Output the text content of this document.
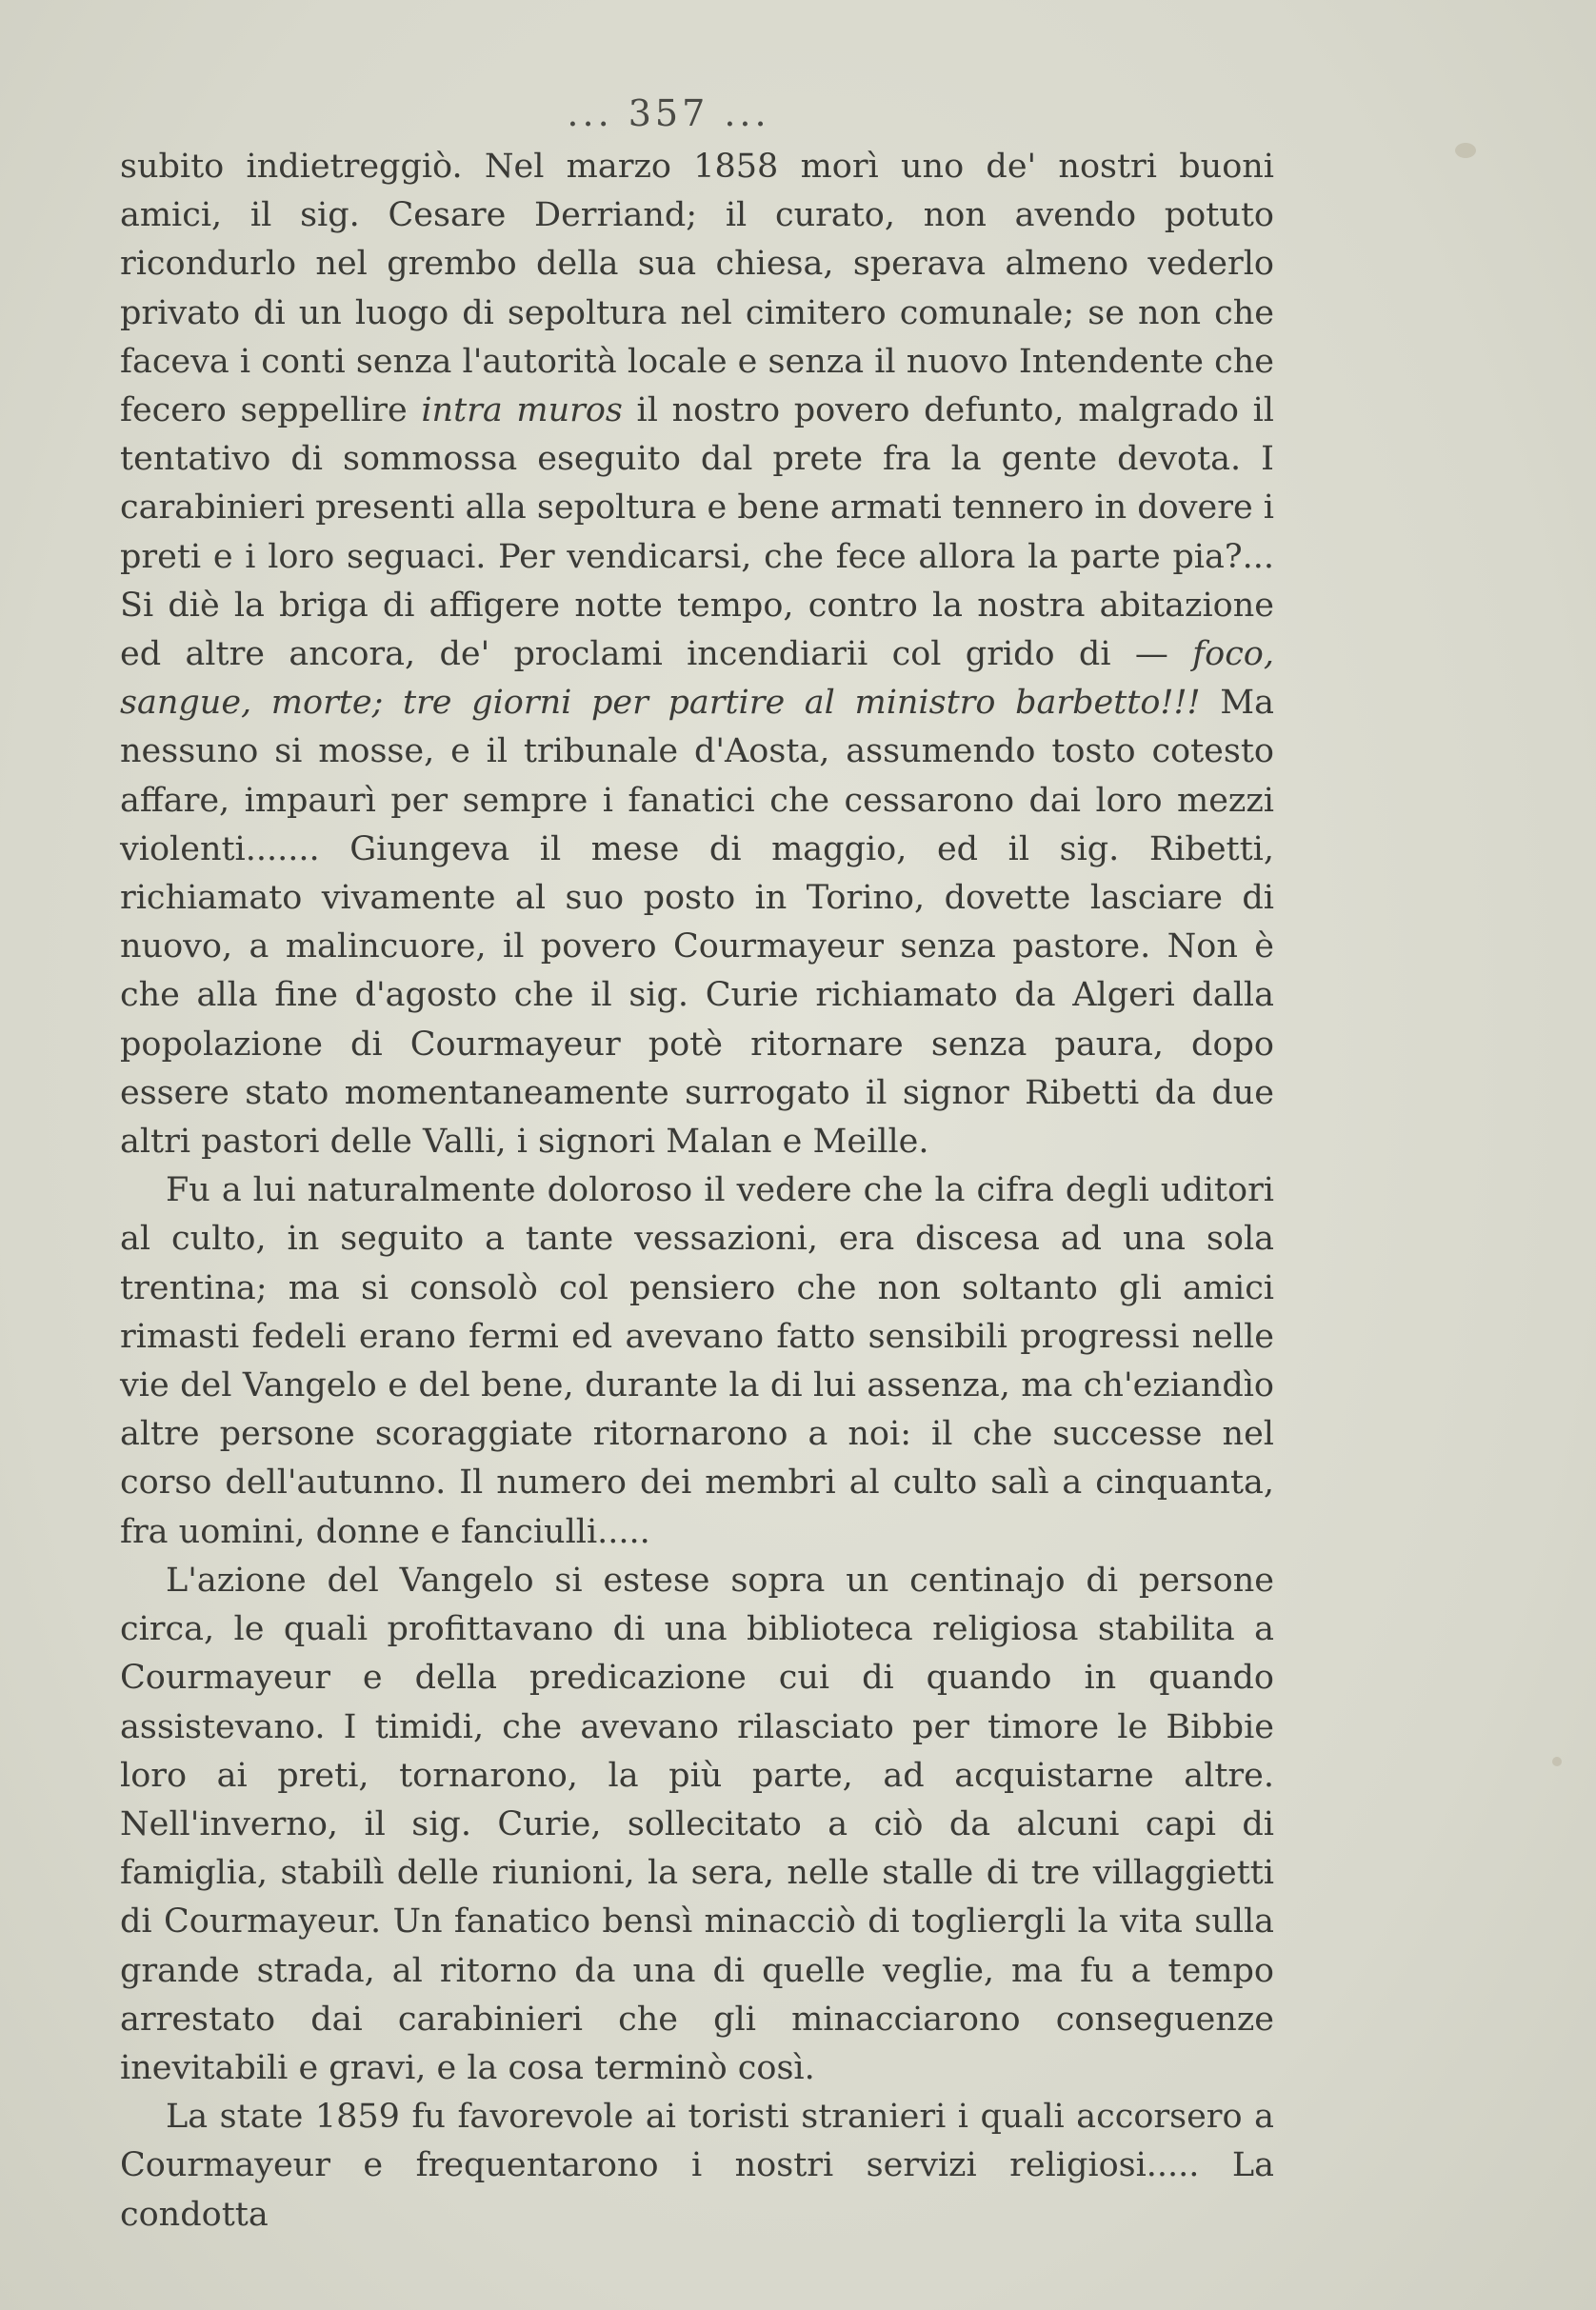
... 357 ...

subito indietreggiò. Nel marzo 1858 morì uno de' nostri buoni amici, il sig. Cesare Derriand; il curato, non avendo potuto ricondurlo nel grembo della sua chiesa, sperava almeno vederlo privato di un luogo di sepoltura nel cimitero comunale; se non che faceva i conti senza l'autorità locale e senza il nuovo Intendente che fecero seppellire intra muros il nostro povero defunto, malgrado il tentativo di sommossa eseguito dal prete fra la gente devota. I carabinieri presenti alla sepoltura e bene armati tennero in dovere i preti e i loro seguaci. Per vendicarsi, che fece allora la parte pia?... Si diè la briga di affigere notte tempo, contro la nostra abitazione ed altre ancora, de' proclami incendiarii col grido di — foco, sangue, morte; tre giorni per partire al ministro barbetto!!! Ma nessuno si mosse, e il tribunale d'Aosta, assumendo tosto cotesto affare, impaurì per sempre i fanatici che cessarono dai loro mezzi violenti....... Giungeva il mese di maggio, ed il sig. Ribetti, richiamato vivamente al suo posto in Torino, dovette lasciare di nuovo, a malincuore, il povero Courmayeur senza pastore. Non è che alla fine d'agosto che il sig. Curie richiamato da Algeri dalla popolazione di Courmayeur potè ritornare senza paura, dopo essere stato momentaneamente surrogato il signor Ribetti da due altri pastori delle Valli, i signori Malan e Meille.

Fu a lui naturalmente doloroso il vedere che la cifra degli uditori al culto, in seguito a tante vessazioni, era discesa ad una sola trentina; ma si consolò col pensiero che non soltanto gli amici rimasti fedeli erano fermi ed avevano fatto sensibili progressi nelle vie del Vangelo e del bene, durante la di lui assenza, ma ch'eziandìo altre persone scoraggiate ritornarono a noi: il che successe nel corso dell'autunno. Il numero dei membri al culto salì a cinquanta, fra uomini, donne e fanciulli.....

L'azione del Vangelo si estese sopra un centinajo di persone circa, le quali profittavano di una biblioteca religiosa stabilita a Courmayeur e della predicazione cui di quando in quando assistevano. I timidi, che avevano rilasciato per timore le Bibbie loro ai preti, tornarono, la più parte, ad acquistarne altre. Nell'inverno, il sig. Curie, sollecitato a ciò da alcuni capi di famiglia, stabilì delle riunioni, la sera, nelle stalle di tre villaggietti di Courmayeur. Un fanatico bensì minacciò di togliergli la vita sulla grande strada, al ritorno da una di quelle veglie, ma fu a tempo arrestato dai carabinieri che gli minacciarono conseguenze inevitabili e gravi, e la cosa terminò così.

La state 1859 fu favorevole ai toristi stranieri i quali accorsero a Courmayeur e frequentarono i nostri servizi religiosi..... La condotta
